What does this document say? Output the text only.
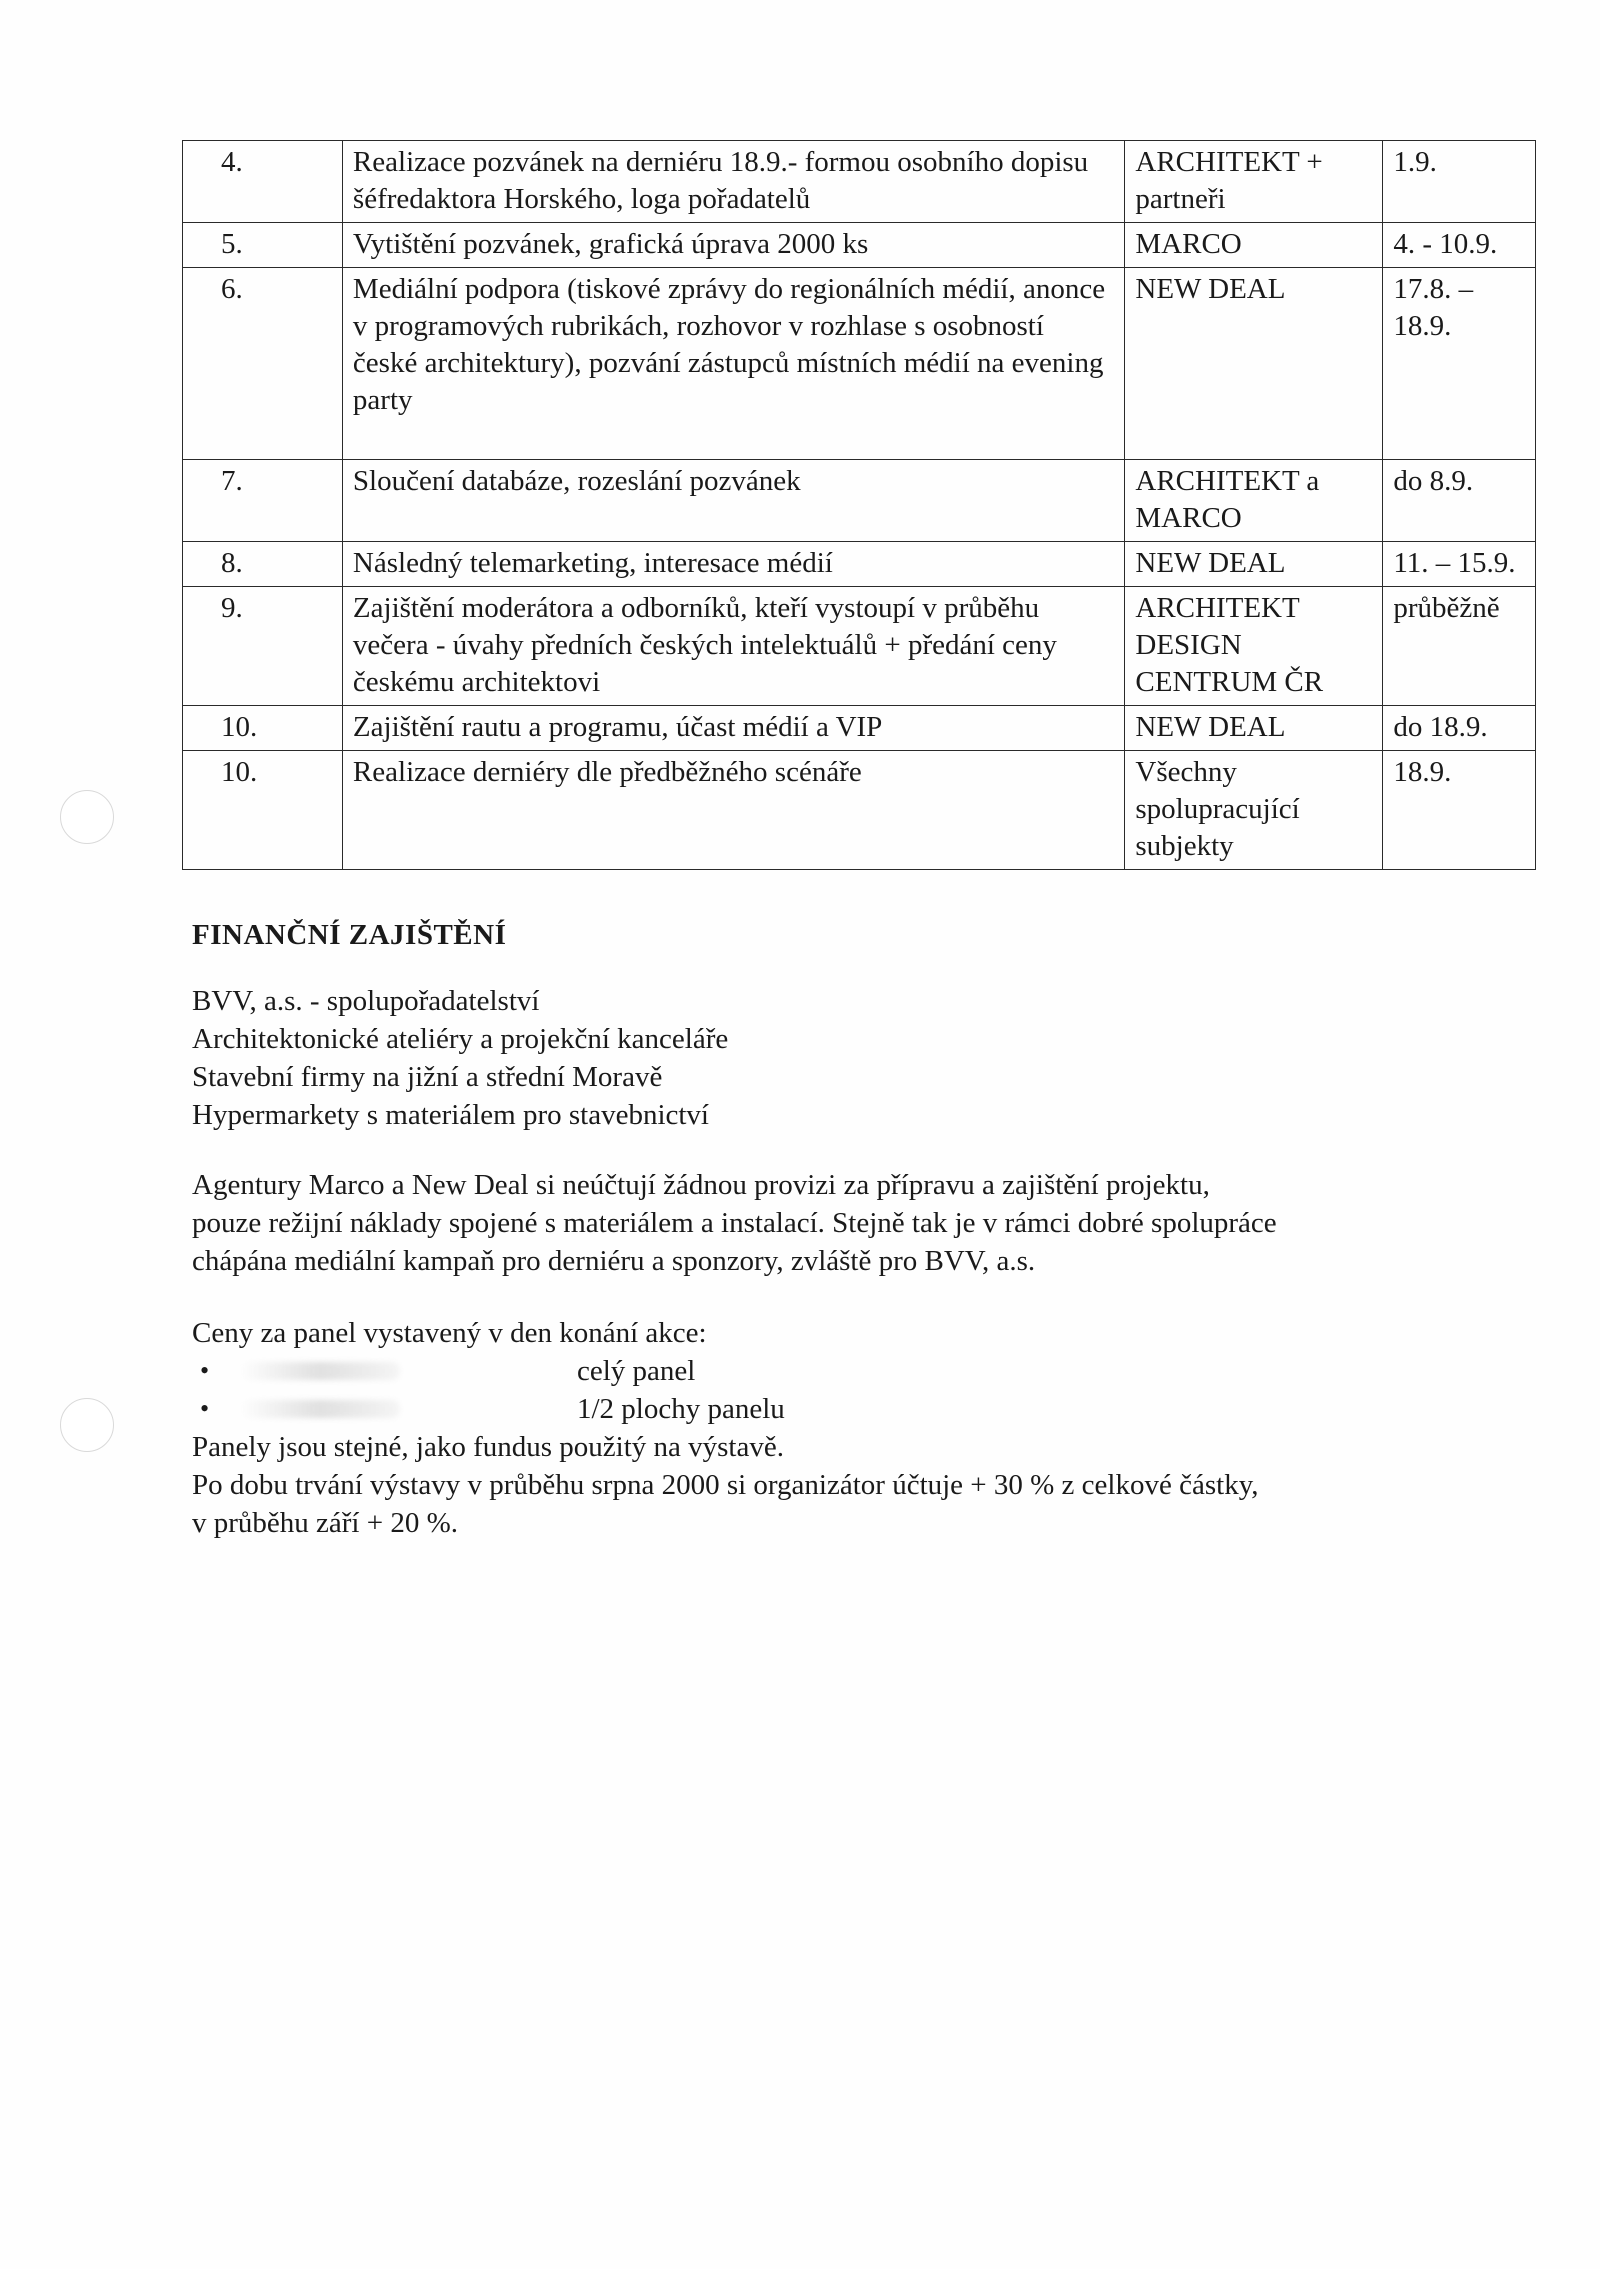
4.	Realizace pozvánek na derniéru 18.9.- formou osobního dopisu šéfredaktora Horského, loga pořadatelů	ARCHITEKT + partneři	1.9.
5.	Vytištění pozvánek, grafická úprava 2000 ks	MARCO	4. - 10.9.
6.	Mediální podpora (tiskové zprávy do regionálních médií, anonce v programových rubrikách, rozhovor v rozhlase s osobností české architektury), pozvání zástupců místních médií na evening party	NEW DEAL	17.8. – 18.9.
7.	Sloučení databáze, rozeslání pozvánek	ARCHITEKT a MARCO	do 8.9.
8.	Následný telemarketing, interesace médií	NEW DEAL	11. – 15.9.
9.	Zajištění moderátora a odborníků, kteří vystoupí v průběhu večera - úvahy předních českých intelektuálů + předání ceny českému architektovi	ARCHITEKT DESIGN CENTRUM ČR	průběžně
10.	Zajištění rautu a programu, účast médií a VIP	NEW DEAL	do 18.9.
10.	Realizace derniéry dle předběžného scénáře	Všechny spolupracující subjekty	18.9.
FINANČNÍ ZAJIŠTĚNÍ

BVV, a.s. - spolupořadatelství

Architektonické ateliéry a projekční kanceláře

Stavební firmy na jižní a střední Moravě

Hypermarkety s materiálem pro stavebnictví

Agentury Marco a New Deal si neúčtují žádnou provizi za přípravu a zajištění projektu,

pouze režijní náklady spojené s materiálem a instalací. Stejně tak je v rámci dobré spolupráce

chápána mediální kampaň pro derniéru a sponzory, zvláště pro BVV, a.s.

Ceny za panel vystavený v den konání akce:

•	celý panel
•	1/2 plochy panelu

Panely jsou stejné, jako fundus použitý na výstavě.

Po dobu trvání výstavy v průběhu srpna 2000 si organizátor účtuje + 30 % z celkové částky,

v průběhu září + 20 %.
